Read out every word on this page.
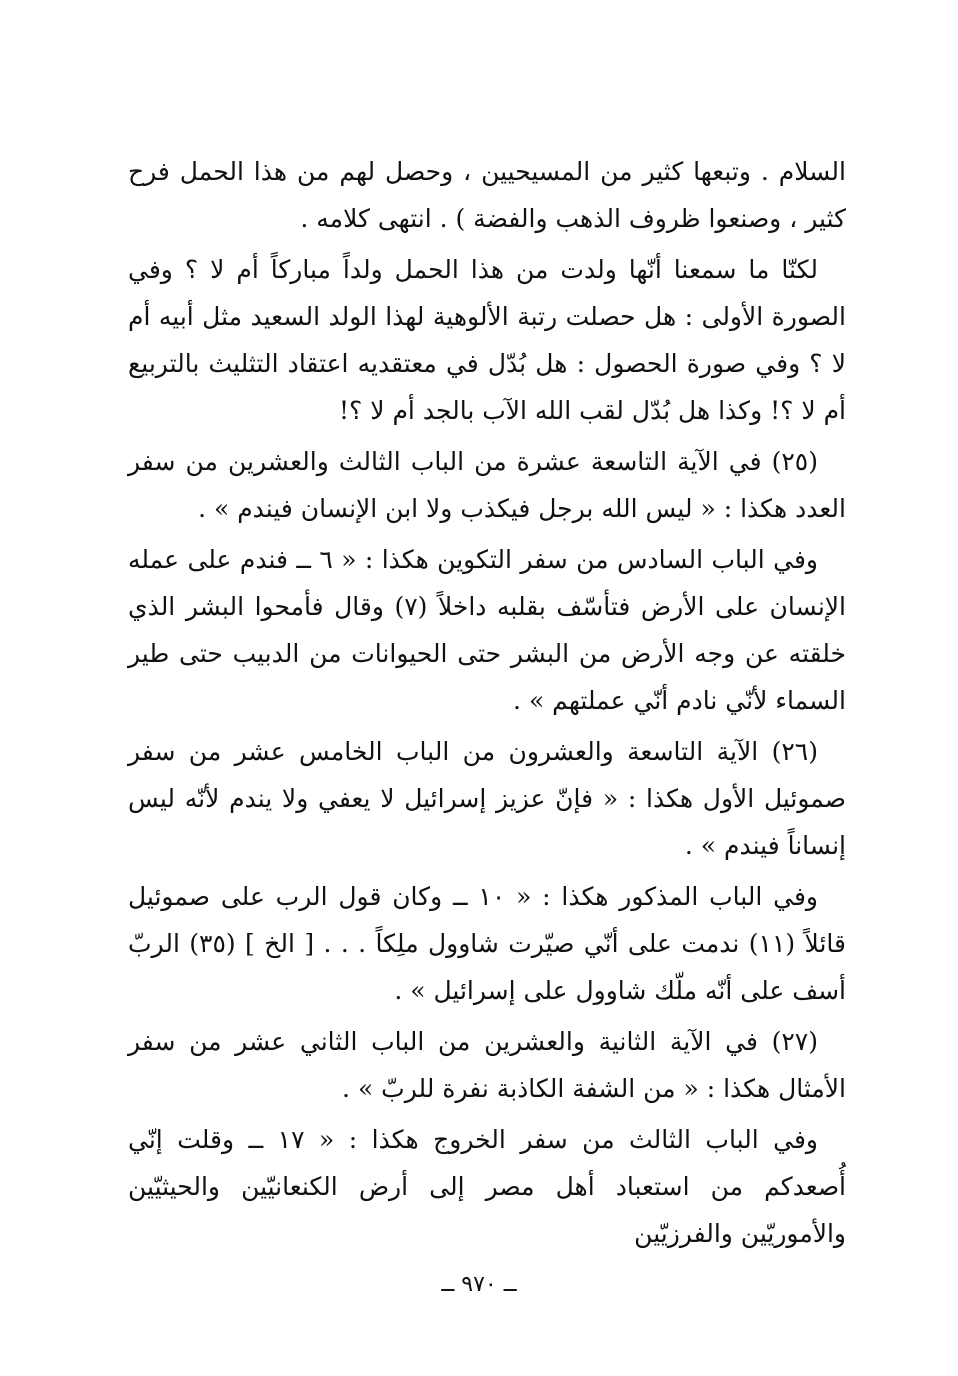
السلام . وتبعها كثير من المسيحيين ، وحصل لهم من هذا الحمل فرح كثير ، وصنعوا ظروف الذهب والفضة ) . انتهى كلامه .

لكنّا ما سمعنا أنّها ولدت من هذا الحمل ولداً مباركاً أم لا ؟ وفي الصورة الأولى : هل حصلت رتبة الألوهية لهذا الولد السعيد مثل أبيه أم لا ؟ وفي صورة الحصول : هل بُدّل في معتقديه اعتقاد التثليث بالتربيع أم لا ؟! وكذا هل بُدّل لقب الله الآب بالجد أم لا ؟!

(٢٥) في الآية التاسعة عشرة من الباب الثالث والعشرين من سفر العدد هكذا : « ليس الله برجل فيكذب ولا ابن الإنسان فيندم » .

وفي الباب السادس من سفر التكوين هكذا : « ٦ ــ فندم على عمله الإنسان على الأرض فتأسّف بقلبه داخلاً (٧) وقال فأمحوا البشر الذي خلقته عن وجه الأرض من البشر حتى الحيوانات من الدبيب حتى طير السماء لأنّي نادم أنّي عملتهم » .

(٢٦) الآية التاسعة والعشرون من الباب الخامس عشر من سفر صموئيل الأول هكذا : « فإنّ عزيز إسرائيل لا يعفي ولا يندم لأنّه ليس إنساناً فيندم » .

وفي الباب المذكور هكذا : « ١٠ ــ وكان قول الرب على صموئيل قائلاً (١١) ندمت على أنّي صيّرت شاوول ملِكاً . . . [ الخ ] (٣٥) الربّ أسف على أنّه ملّك شاوول على إسرائيل » .

(٢٧) في الآية الثانية والعشرين من الباب الثاني عشر من سفر الأمثال هكذا : « من الشفة الكاذبة نفرة للربّ » .

وفي الباب الثالث من سفر الخروج هكذا : « ١٧ ــ وقلت إنّي أُصعدكم من استعباد أهل مصر إلى أرض الكنعانيّين والحيثيّين والأموريّين والفرزيّين

ــ ٩٧٠ ــ
